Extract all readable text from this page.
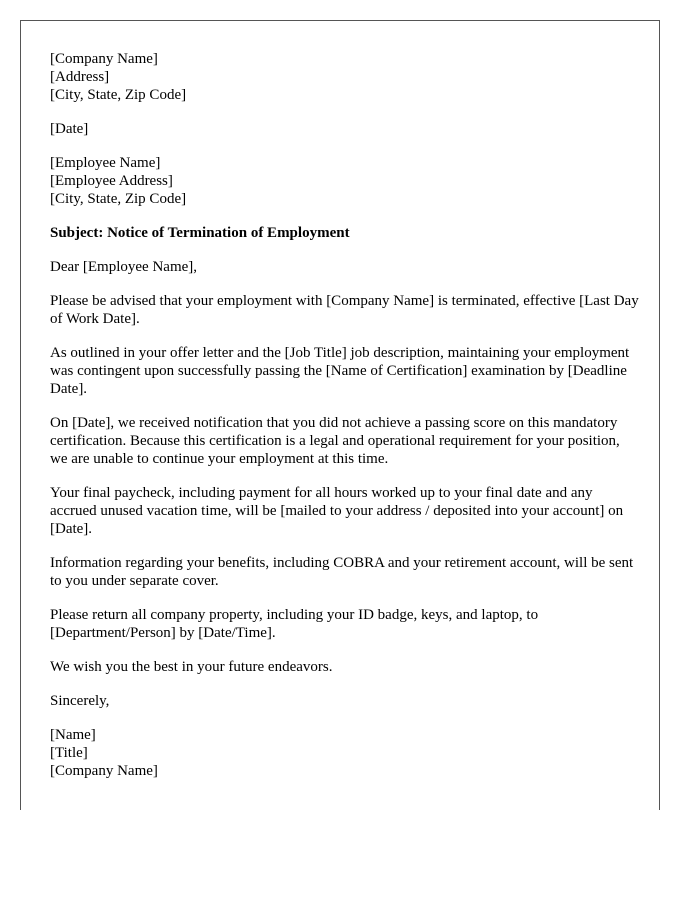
[Company Name]
[Address]
[City, State, Zip Code]
[Date]
[Employee Name]
[Employee Address]
[City, State, Zip Code]
Subject: Notice of Termination of Employment
Dear [Employee Name],

Please be advised that your employment with [Company Name] is terminated, effective [Last Day of Work Date].

As outlined in your offer letter and the [Job Title] job description, maintaining your employment was contingent upon successfully passing the [Name of Certification] examination by [Deadline Date].

On [Date], we received notification that you did not achieve a passing score on this mandatory certification. Because this certification is a legal and operational requirement for your position, we are unable to continue your employment at this time.

Your final paycheck, including payment for all hours worked up to your final date and any accrued unused vacation time, will be [mailed to your address / deposited into your account] on [Date].

Information regarding your benefits, including COBRA and your retirement account, will be sent to you under separate cover.

Please return all company property, including your ID badge, keys, and laptop, to [Department/Person] by [Date/Time].

We wish you the best in your future endeavors.

Sincerely,
[Name]
[Title]
[Company Name]
